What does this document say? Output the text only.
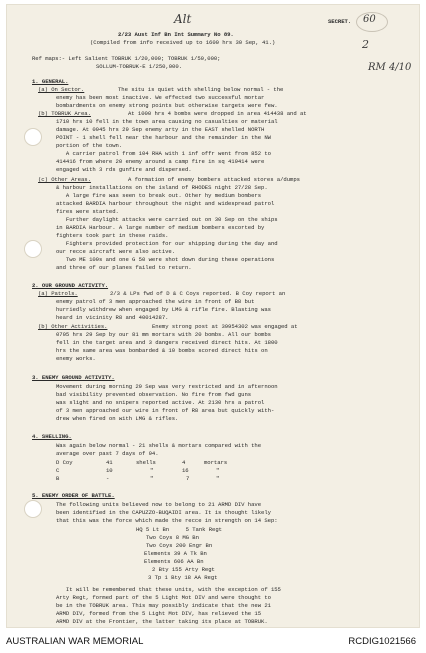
Alt	60
2
RM 4/10
SECRET.
2/23 Aust Inf Bn Int Summary No 89.
(Compiled from info received up to 1600 hrs 30 Sep, 41.)
Ref maps:- Left Salient TOBRUK 1/20,000; TOBRUK 1/50,000;
SOLLUM-TOBRUK-E 1/250,000.
1. GENERAL.
(a) On Sector.	The situ is quiet with shelling below normal - the
enemy has been most inactive. We effected two successful mortar
bombardments on enemy strong points but otherwise targets were few.
(b) TOBRUK Area.	At 1000 hrs 4 bombs were dropped in area 414438 and at
1710 hrs 10 fell in the town area causing no casualties or material
damage. At 0945 hrs 29 Sep enemy arty in the EAST shelled NORTH
POINT - 1 shell fell near the harbour and the remainder in the NW
portion of the town.
A carrier patrol from 104 RHA with 1 inf offr went from 852 to
414416 from where 20 enemy around a camp fire in sq 419414 were
engaged with 3 rds gunfire and dispersed.
(c) Other Areas.	A formation of enemy bombers attacked stores a/dumps
& harbour installations on the island of RHODES night 27/28 Sep.
A large fire was seen to break out. Other hy medium bombers
attacked BARDIA harbour throughout the night and widespread patrol
fires were started.
Further daylight attacks were carried out on 30 Sep on the ships
in BARDIA Harbour. A large number of medium bombers escorted by
fighters took part in these raids.
Fighters provided protection for our shipping during the day and
our recce aircraft were also active.
Two ME 109s and one G 50 were shot down during these operations
and three of our planes failed to return.
2. OUR GROUND ACTIVITY.
(a) Patrols.	2/3 & LPs fwd of D & C Coys reported. B Coy report an
enemy patrol of 3 men approached the wire in front of B8 but
hurriedly withdrew when engaged by LMG & rifle fire. Blasting was
heard in vicinity R8 and 40014287.
(b) Other Activities.	Enemy strong post at 39954302 was engaged at
0705 hrs 29 Sep by our 81 mm mortars with 20 bombs. All our bombs
fell in the target area and 3 dangers received direct hits. At 1800
hrs the same area was bombarded & 10 bombs scored direct hits on
enemy works.
3. ENEMY GROUND ACTIVITY.
Movement during morning 29 Sep was very restricted and in afternoon
bad visibility prevented observation. No fire from fwd guns
was slight and no snipers reported active. At 2130 hrs a patrol
of 3 men approached our wire in front of R8 area but quickly with-
drew when fired on with LMG & rifles.
4. SHELLING.
Was again below normal - 21 shells & mortars compared with the
average over past 7 days of 94.
D Coy	41	shells	4	mortars
C	10	"	16	"
B	-	"	7	"
5. ENEMY ORDER OF BATTLE.
The following units believed now to belong to 21 ARMD DIV have
been identified in the CAPUZZO-BUQAIDI area. It is thought likely
that this was the force which made the recce in strength on 14 Sep:
HQ 5 Lt Bn     5 Tank Regt
Two Coys 8 MG Bn
Two Coys 200 Engr Bn
Elements 39 A Tk Bn
Elements 606 AA Bn
2 Bty 155 Arty Regt
3 Tp 1 Bty 18 AA Regt
It will be remembered that these units, with the exception of 155
Arty Regt, formed part of the 5 Light Mot DIV and were thought to
be in the TOBRUK area. This may possibly indicate that the new 21
ARMD DIV, formed from the 5 Light Mot DIV, has relieved the 15
ARMD DIV at the Frontier, the latter taking its place at TOBRUK.
AUSTRALIAN WAR MEMORIAL	RCDIG1021566
